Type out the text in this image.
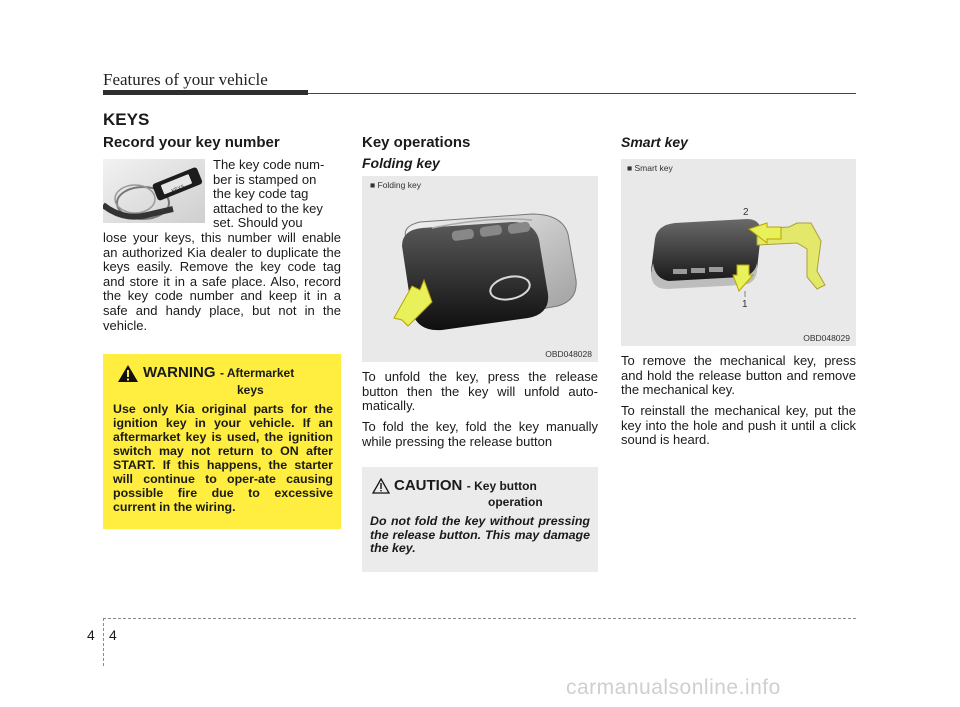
Features of your vehicle
KEYS
Record your key number
KEYS
The key code num-
ber is stamped on
the key code tag
attached to the key
set. Should you
lose your keys, this number will enable an authorized Kia dealer to duplicate the keys easily. Remove the key code tag and store it in a safe place. Also, record the key code number and keep it in a safe and handy place, but not in the vehicle.
WARNING - Aftermarket
keys
Use only Kia original parts for the ignition key in your vehicle. If an aftermarket key is used, the ignition switch may not return to ON after START. If this happens, the starter will continue to oper-ate causing possible fire due to excessive current in the wiring.
Key operations
Folding key
■ Folding key
OBD048028
To unfold the key, press the release button then the key will unfold auto-matically.
To fold the key, fold the key manually while pressing the release button
CAUTION - Key button
operation
Do not fold the key without pressing the release button. This may damage the key.
Smart key
■ Smart key
2
1
OBD048029
To remove the mechanical key, press and hold the release button and remove the mechanical key.
To reinstall the mechanical key, put the key into the hole and push it until a click sound is heard.
4 4
carmanualsonline.info
